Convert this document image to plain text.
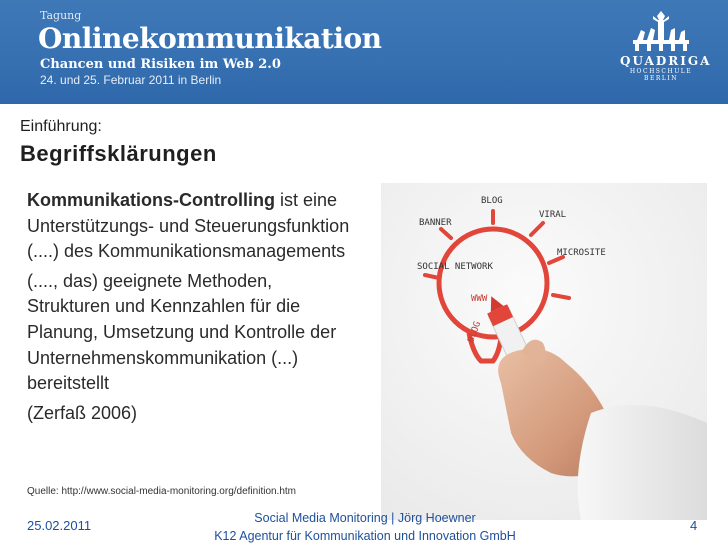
Tagung
Onlinekommunikation
Chancen und Risiken im Web 2.0
24. und 25. Februar 2011 in Berlin
QUADRIGA
HOCHSCHULE
BERLIN
Einführung:
Begriffsklärungen

Kommunikations-Controlling ist eine Unterstützungs- und Steuerungsfunktion (....) des Kommunikationsmanagements

(...., das) geeignete Methoden, Strukturen und Kennzahlen für die Planung, Umsetzung und Kontrolle der Unternehmenskommunikation (...) bereitstellt

(Zerfaß 2006)

Quelle: http://www.social-media-monitoring.org/definition.htm
BLOG
BANNER
VIRAL
SOCIAL NETWORK
MICROSITE
WWW
BLOG
25.02.2011	Social Media Monitoring | Jörg Hoewner
K12 Agentur für Kommunikation und Innovation GmbH
4
